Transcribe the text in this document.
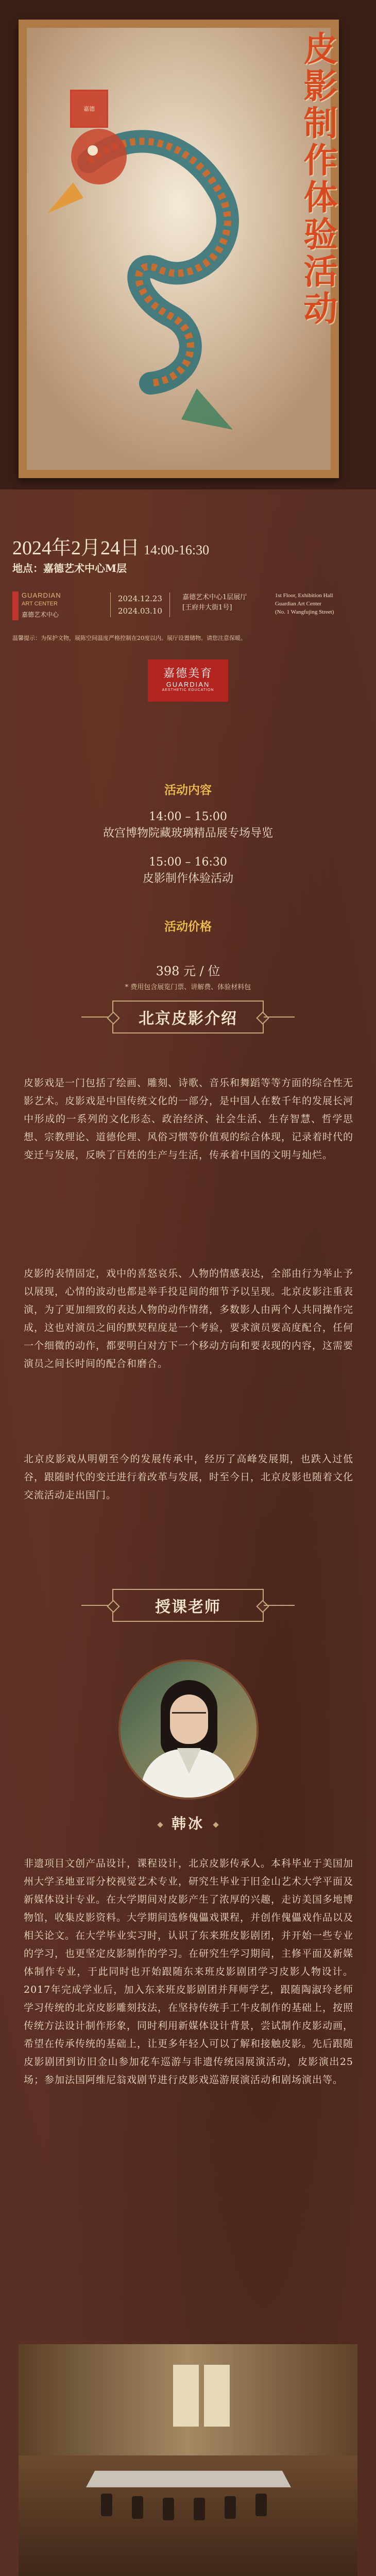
嘉德	皮影制作体验活动
2024年2月24日 14:00-16:30
地点：嘉德艺术中心M层
GUARDIAN
ART CENTER
嘉德艺术中心
2024.12.23
2024.03.10
嘉德艺术中心1层展厅
[王府井大街1号]
1st Floor, Exhibition Hall
Guardian Art Center
(No. 1 Wangfujing Street)
温馨提示：为保护文物，展陈空间温度严格控制在20度以内。展厅设置储物。请您注意保暖。
嘉德美育
GUARDIAN
AESTHETIC EDUCATION
活动内容
14:00 – 15:00
故宫博物院藏玻璃精品展专场导览
15:00 – 16:30
皮影制作体验活动
活动价格
398 元 / 位
* 费用包含展览门票、讲解费、体验材料包
北京皮影介绍
皮影戏是一门包括了绘画、雕刻、诗歌、音乐和舞蹈等等方面的综合性无影艺术。皮影戏是中国传统文化的一部分，是中国人在数千年的发展长河中形成的一系列的文化形态、政治经济、社会生活、生存智慧、哲学思想、宗教理论、道德伦理、风俗习惯等价值观的综合体现，记录着时代的变迁与发展，反映了百姓的生产与生活，传承着中国的文明与灿烂。
皮影的表情固定，戏中的喜怒哀乐、人物的情感表达，全部由行为举止予以展现，心情的波动也都是举手投足间的细节予以呈现。北京皮影注重表演，为了更加细致的表达人物的动作情绪，多数影人由两个人共同操作完成，这也对演员之间的默契程度是一个考验，要求演员要高度配合，任何一个细微的动作，都要明白对方下一个移动方向和要表现的内容，这需要演员之间长时间的配合和磨合。
北京皮影戏从明朝至今的发展传承中，经历了高峰发展期，也跌入过低谷，跟随时代的变迁进行着改革与发展，时至今日，北京皮影也随着文化交流活动走出国门。
授课老师
韩冰
非遗项目文创产品设计，课程设计，北京皮影传承人。本科毕业于美国加州大学圣地亚哥分校视觉艺术专业，研究生毕业于旧金山艺术大学平面及新媒体设计专业。在大学期间对皮影产生了浓厚的兴趣，走访美国多地博物馆，收集皮影资料。大学期间选修傀儡戏课程，并创作傀儡戏作品以及相关论文。在大学毕业实习时，认识了东来班皮影剧团，并开始一些专业的学习，也更坚定皮影制作的学习。在研究生学习期间，主修平面及新媒体制作专业，于此同时也开始跟随东来班皮影剧团学习皮影人物设计。2017年完成学业后，加入东来班皮影剧团并拜师学艺，跟随陶淑玲老师学习传统的北京皮影雕刻技法，在坚持传统手工牛皮制作的基础上，按照传统方法设计制作形象，同时利用新媒体设计背景，尝试制作皮影动画，希望在传承传统的基础上，让更多年轻人可以了解和接触皮影。先后跟随皮影剧团到访旧金山参加花车巡游与非遗传统园展演活动，皮影演出25场；参加法国阿维尼翁戏剧节进行皮影戏巡游展演活动和剧场演出等。
